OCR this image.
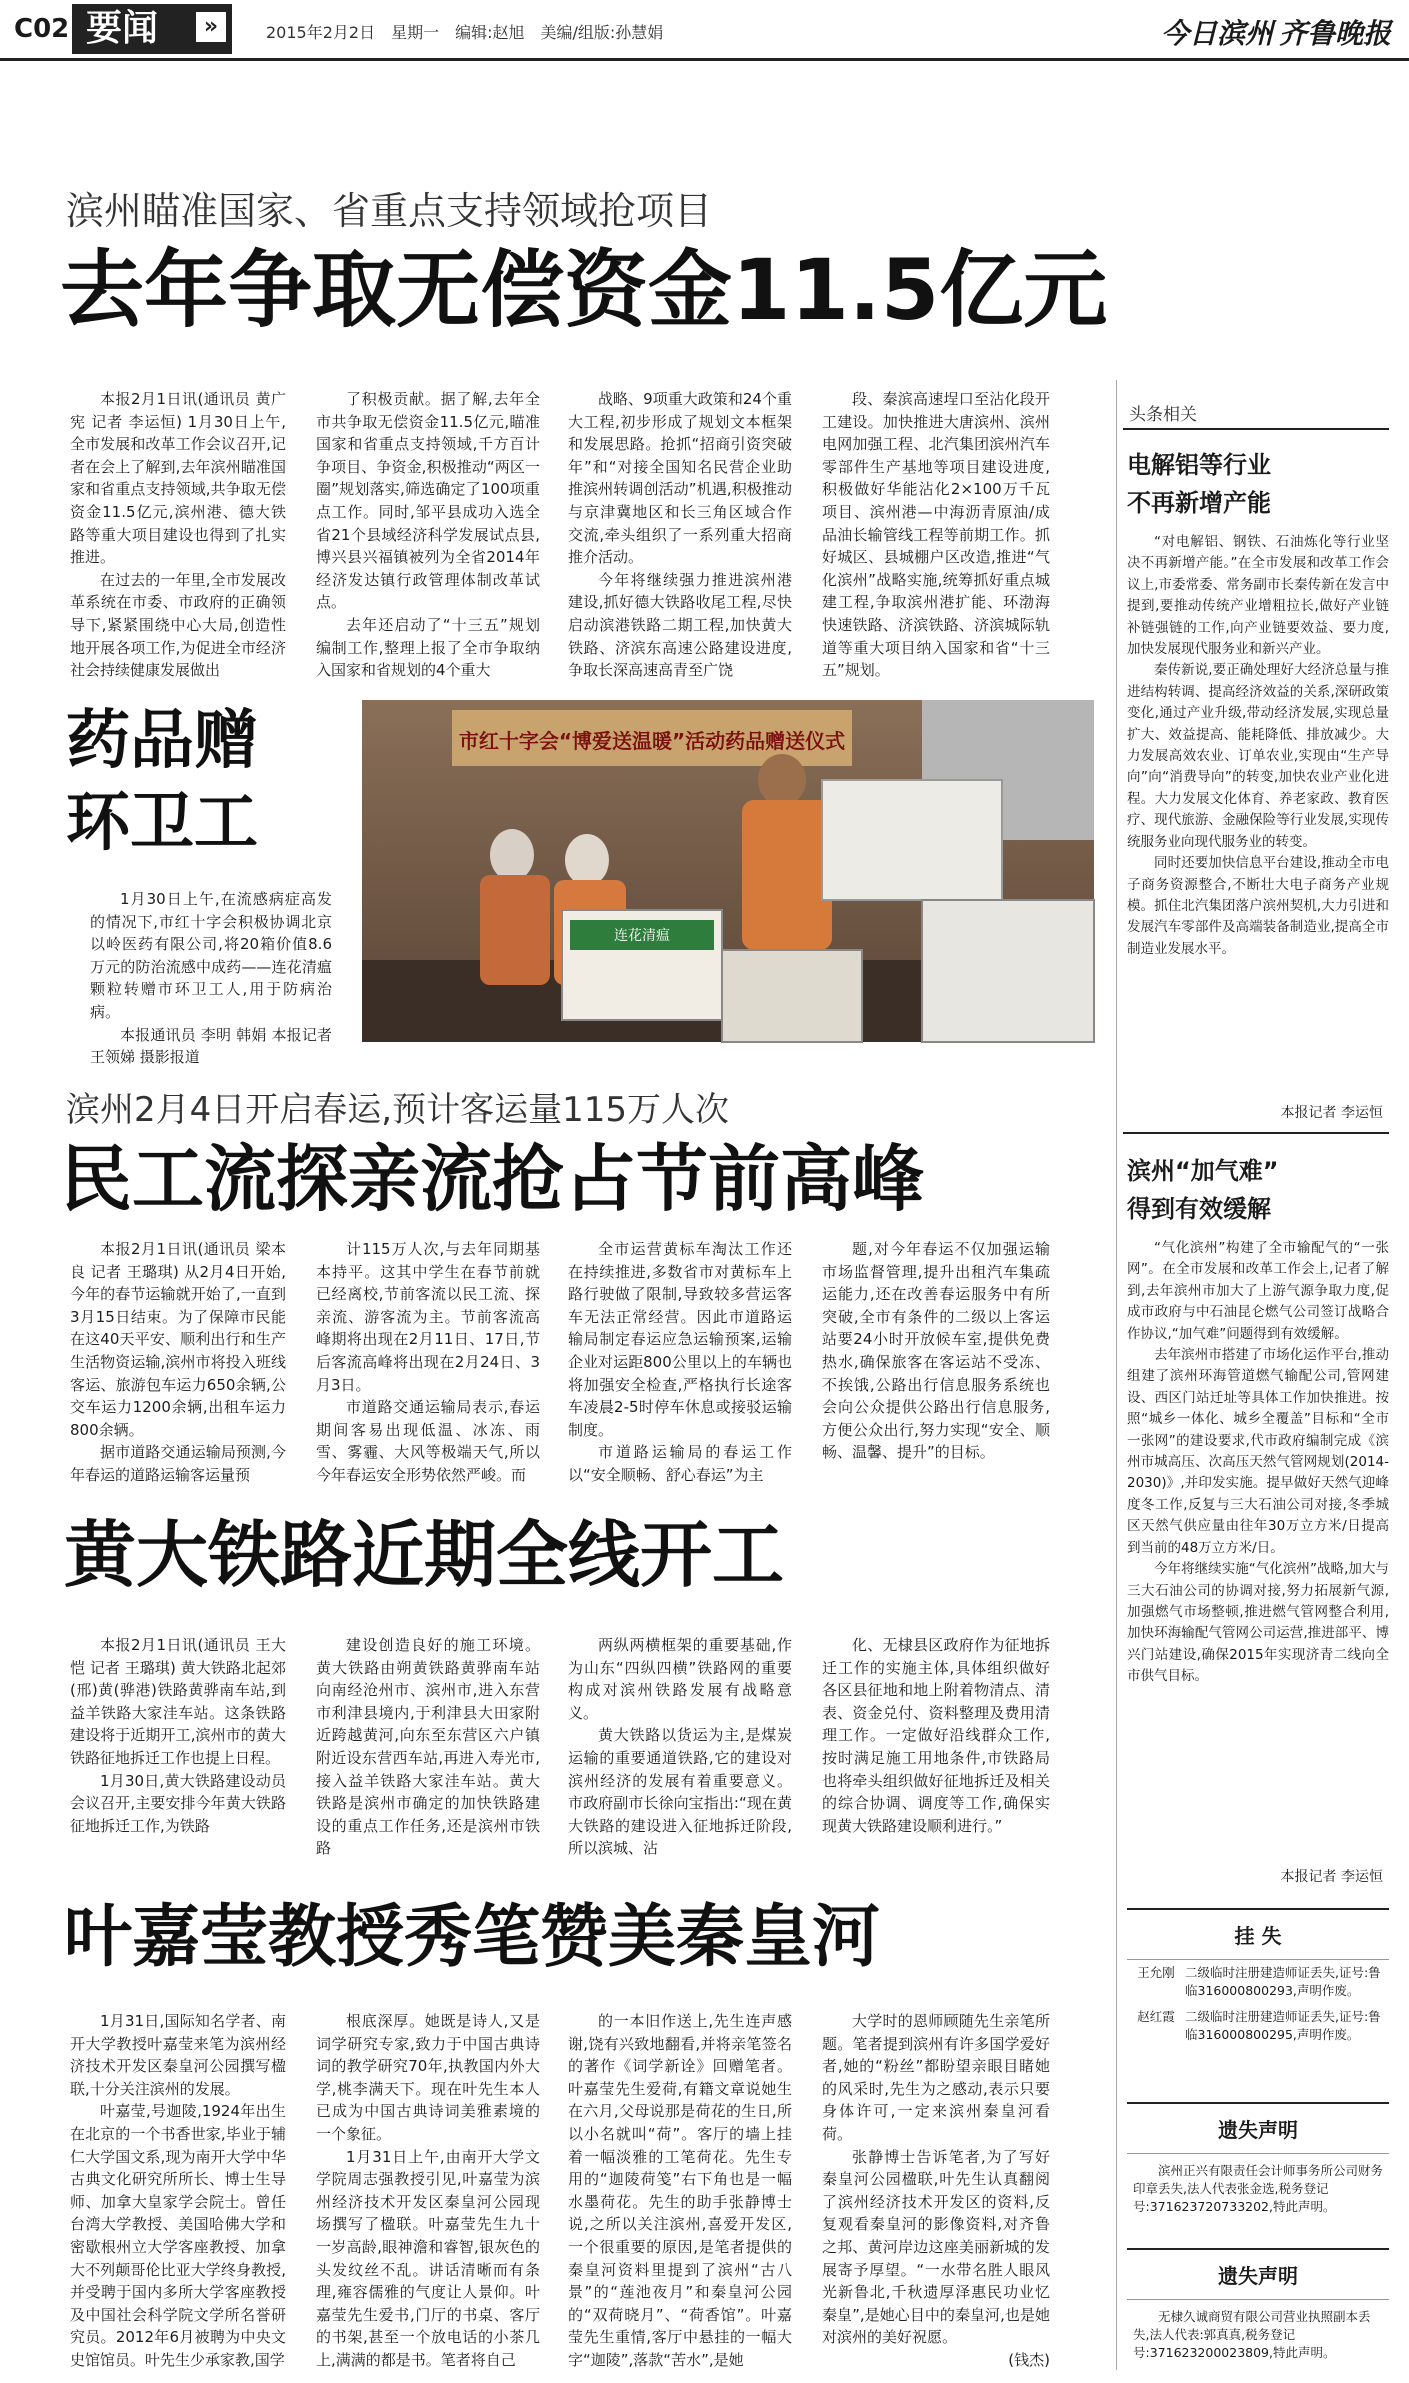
C02 要闻	»	2015年2月2日　星期一　编辑:赵旭　美编/组版:孙慧娟	今日滨州 齐鲁晚报
滨州瞄准国家、省重点支持领域抢项目
去年争取无偿资金11.5亿元

本报2月1日讯(通讯员 黄广宪 记者 李运恒) 1月30日上午,全市发展和改革工作会议召开,记者在会上了解到,去年滨州瞄准国家和省重点支持领域,共争取无偿资金11.5亿元,滨州港、德大铁路等重大项目建设也得到了扎实推进。

在过去的一年里,全市发展改革系统在市委、市政府的正确领导下,紧紧围绕中心大局,创造性地开展各项工作,为促进全市经济社会持续健康发展做出

了积极贡献。据了解,去年全市共争取无偿资金11.5亿元,瞄准国家和省重点支持领域,千方百计争项目、争资金,积极推动“两区一圈”规划落实,筛选确定了100项重点工作。同时,邹平县成功入选全省21个县域经济科学发展试点县,博兴县兴福镇被列为全省2014年经济发达镇行政管理体制改革试点。

去年还启动了“十三五”规划编制工作,整理上报了全市争取纳入国家和省规划的4个重大

战略、9项重大政策和24个重大工程,初步形成了规划文本框架和发展思路。抢抓“招商引资突破年”和“对接全国知名民营企业助推滨州转调创活动”机遇,积极推动与京津冀地区和长三角区域合作交流,牵头组织了一系列重大招商推介活动。

今年将继续强力推进滨州港建设,抓好德大铁路收尾工程,尽快启动滨港铁路二期工程,加快黄大铁路、济滨东高速公路建设进度,争取长深高速高青至广饶

段、秦滨高速埕口至沾化段开工建设。加快推进大唐滨州、滨州电网加强工程、北汽集团滨州汽车零部件生产基地等项目建设进度,积极做好华能沾化2×100万千瓦项目、滨州港—中海沥青原油/成品油长输管线工程等前期工作。抓好城区、县城棚户区改造,推进“气化滨州”战略实施,统筹抓好重点城建工程,争取滨州港扩能、环渤海快速铁路、济滨铁路、济滨城际轨道等重大项目纳入国家和省“十三五”规划。

药品赠
环卫工

1月30日上午,在流感病症高发的情况下,市红十字会积极协调北京以岭医药有限公司,将20箱价值8.6万元的防治流感中成药——连花清瘟颗粒转赠市环卫工人,用于防病治病。

本报通讯员 李明 韩娟 本报记者 王领娣 摄影报道

连花清瘟
市红十字会“博爱送温暖”活动药品赠送仪式
滨州2月4日开启春运,预计客运量115万人次
民工流探亲流抢占节前高峰

本报2月1日讯(通讯员 梁本良 记者 王璐琪) 从2月4日开始,今年的春节运输就开始了,一直到3月15日结束。为了保障市民能在这40天平安、顺利出行和生产生活物资运输,滨州市将投入班线客运、旅游包车运力650余辆,公交车运力1200余辆,出租车运力800余辆。

据市道路交通运输局预测,今年春运的道路运输客运量预

计115万人次,与去年同期基本持平。这其中学生在春节前就已经离校,节前客流以民工流、探亲流、游客流为主。节前客流高峰期将出现在2月11日、17日,节后客流高峰将出现在2月24日、3月3日。

市道路交通运输局表示,春运期间客易出现低温、冰冻、雨雪、雾霾、大风等极端天气,所以今年春运安全形势依然严峻。而

全市运营黄标车淘汰工作还在持续推进,多数省市对黄标车上路行驶做了限制,导致较多营运客车无法正常经营。因此市道路运输局制定春运应急运输预案,运输企业对运距800公里以上的车辆也将加强安全检查,严格执行长途客车凌晨2-5时停车休息或接驳运输制度。

市道路运输局的春运工作以“安全顺畅、舒心春运”为主

题,对今年春运不仅加强运输市场监督管理,提升出租汽车集疏运能力,还在改善春运服务中有所突破,全市有条件的二级以上客运站要24小时开放候车室,提供免费热水,确保旅客在客运站不受冻、不挨饿,公路出行信息服务系统也会向公众提供公路出行信息服务,方便公众出行,努力实现“安全、顺畅、温馨、提升”的目标。

黄大铁路近期全线开工

本报2月1日讯(通讯员 王大恺 记者 王璐琪) 黄大铁路北起郊(邢)黄(骅港)铁路黄骅南车站,到益羊铁路大家洼车站。这条铁路建设将于近期开工,滨州市的黄大铁路征地拆迁工作也提上日程。

1月30日,黄大铁路建设动员会议召开,主要安排今年黄大铁路征地拆迁工作,为铁路

建设创造良好的施工环境。黄大铁路由朔黄铁路黄骅南车站向南经沧州市、滨州市,进入东营市利津县境内,于利津县大田家附近跨越黄河,向东至东营区六户镇附近设东营西车站,再进入寿光市,接入益羊铁路大家洼车站。黄大铁路是滨州市确定的加快铁路建设的重点工作任务,还是滨州市铁路

两纵两横框架的重要基础,作为山东“四纵四横”铁路网的重要构成对滨州铁路发展有战略意义。

黄大铁路以货运为主,是煤炭运输的重要通道铁路,它的建设对滨州经济的发展有着重要意义。市政府副市长徐向宝指出:“现在黄大铁路的建设进入征地拆迁阶段,所以滨城、沾

化、无棣县区政府作为征地拆迁工作的实施主体,具体组织做好各区县征地和地上附着物清点、清表、资金兑付、资料整理及费用清理工作。一定做好沿线群众工作,按时满足施工用地条件,市铁路局也将牵头组织做好征地拆迁及相关的综合协调、调度等工作,确保实现黄大铁路建设顺利进行。”

叶嘉莹教授秀笔赞美秦皇河

1月31日,国际知名学者、南开大学教授叶嘉莹来笔为滨州经济技术开发区秦皇河公园撰写楹联,十分关注滨州的发展。

叶嘉莹,号迦陵,1924年出生在北京的一个书香世家,毕业于辅仁大学国文系,现为南开大学中华古典文化研究所所长、博士生导师、加拿大皇家学会院士。曾任台湾大学教授、美国哈佛大学和密歇根州立大学客座教授、加拿大不列颠哥伦比亚大学终身教授,并受聘于国内多所大学客座教授及中国社会科学院文学所名誉研究员。2012年6月被聘为中央文史馆馆员。叶先生少承家教,国学

根底深厚。她既是诗人,又是词学研究专家,致力于中国古典诗词的教学研究70年,执教国内外大学,桃李满天下。现在叶先生本人已成为中国古典诗词美雅素境的一个象征。

1月31日上午,由南开大学文学院周志强教授引见,叶嘉莹为滨州经济技术开发区秦皇河公园现场撰写了楹联。叶嘉莹先生九十一岁高龄,眼神澹和睿智,银灰色的头发纹丝不乱。讲话清晰而有条理,雍容儒雅的气度让人景仰。叶嘉莹先生爱书,门厅的书桌、客厅的书架,甚至一个放电话的小茶几上,满满的都是书。笔者将自己

的一本旧作送上,先生连声感谢,饶有兴致地翻看,并将亲笔签名的著作《词学新诠》回赠笔者。叶嘉莹先生爱荷,有籍文章说她生在六月,父母说那是荷花的生日,所以小名就叫“荷”。客厅的墙上挂着一幅淡雅的工笔荷花。先生专用的“迦陵荷笺”右下角也是一幅水墨荷花。先生的助手张静博士说,之所以关注滨州,喜爱开发区,一个很重要的原因,是笔者提供的秦皇河资料里提到了滨州“古八景”的“莲池夜月”和秦皇河公园的“双荷晓月”、“荷香馆”。叶嘉莹先生重情,客厅中悬挂的一幅大字“迦陵”,落款“苦水”,是她

大学时的恩师顾随先生亲笔所题。笔者提到滨州有许多国学爱好者,她的“粉丝”都盼望亲眼目睹她的风采时,先生为之感动,表示只要身体许可,一定来滨州秦皇河看荷。

张静博士告诉笔者,为了写好秦皇河公园楹联,叶先生认真翻阅了滨州经济技术开发区的资料,反复观看秦皇河的影像资料,对齐鲁之邦、黄河岸边这座美丽新城的发展寄予厚望。“一水带名胜人眼风光新鲁北,千秋遗厚泽惠民功业忆秦皇”,是她心目中的秦皇河,也是她对滨州的美好祝愿。

(钱杰)

头条相关
电解铝等行业
不再新增产能

“对电解铝、钢铁、石油炼化等行业坚决不再新增产能。”在全市发展和改革工作会议上,市委常委、常务副市长秦传新在发言中提到,要推动传统产业增粗拉长,做好产业链补链强链的工作,向产业链要效益、要力度,加快发展现代服务业和新兴产业。

秦传新说,要正确处理好大经济总量与推进结构转调、提高经济效益的关系,深研政策变化,通过产业升级,带动经济发展,实现总量扩大、效益提高、能耗降低、排放减少。大力发展高效农业、订单农业,实现由“生产导向”向“消费导向”的转变,加快农业产业化进程。大力发展文化体育、养老家政、教育医疗、现代旅游、金融保险等行业发展,实现传统服务业向现代服务业的转变。

同时还要加快信息平台建设,推动全市电子商务资源整合,不断壮大电子商务产业规模。抓住北汽集团落户滨州契机,大力引进和发展汽车零部件及高端装备制造业,提高全市制造业发展水平。

本报记者 李运恒
滨州“加气难”
得到有效缓解

“气化滨州”构建了全市输配气的“一张网”。在全市发展和改革工作会上,记者了解到,去年滨州市加大了上游气源争取力度,促成市政府与中石油昆仑燃气公司签订战略合作协议,“加气难”问题得到有效缓解。

去年滨州市搭建了市场化运作平台,推动组建了滨州环海管道燃气输配公司,管网建设、西区门站迁址等具体工作加快推进。按照“城乡一体化、城乡全覆盖”目标和“全市一张网”的建设要求,代市政府编制完成《滨州市城高压、次高压天然气管网规划(2014-2030)》,并印发实施。提早做好天然气迎峰度冬工作,反复与三大石油公司对接,冬季城区天然气供应量由往年30万立方米/日提高到当前的48万立方米/日。

今年将继续实施“气化滨州”战略,加大与三大石油公司的协调对接,努力拓展新气源,加强燃气市场整顿,推进燃气管网整合利用,加快环海输配气管网公司运营,推进部平、博兴门站建设,确保2015年实现济青二线向全市供气目标。

本报记者 李运恒
挂 失
王允刚 二级临时注册建造师证丢失,证号:鲁临316000800293,声明作废。
赵红霞 二级临时注册建造师证丢失,证号:鲁临316000800295,声明作废。
遗失声明
滨州正兴有限责任会计师事务所公司财务印章丢失,法人代表张金选,税务登记号:371623720733202,特此声明。
遗失声明
无棣久诚商贸有限公司营业执照副本丢失,法人代表:郭真真,税务登记号:371623200023809,特此声明。
